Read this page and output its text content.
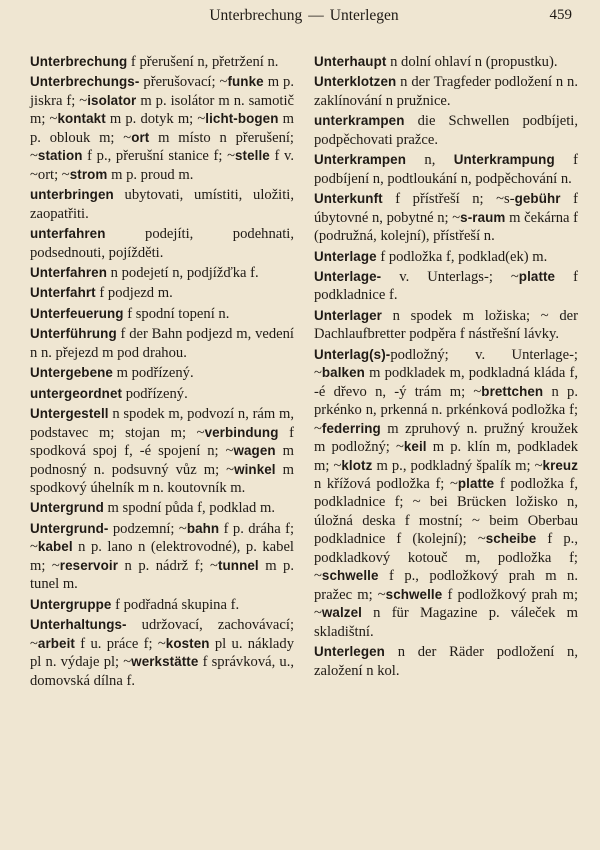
Unterbrechung — Unterlegen	459
Unterbrechung f přerušení n, přetržení n.
Unterbrechungs- přerušovací; ~funke m p. jiskra f; ~isolator m p. isolátor m n. samotič m; ~kontakt m p. dotyk m; ~licht-bogen m p. oblouk m; ~ort m místo n přerušení; ~station f p., přerušní stanice f; ~stelle f v. ~ort; ~strom m p. proud m.
unterbringen ubytovati, umístiti, uložiti, zaopatřiti.
unterfahren podejíti, podehnati, podsednouti, pojížděti.
Unterfahren n podejetí n, podjížďka f.
Unterfahrt f podjezd m.
Unterfeuerung f spodní topení n.
Unterführung f der Bahn podjezd m, vedení n n. přejezd m pod drahou.
Untergebene m podřízený.
untergeordnet podřízený.
Untergestell n spodek m, podvozí n, rám m, podstavec m; stojan m; ~verbindung f spodková spoj f, -é spojení n; ~wagen m podnosný n. podsuvný vůz m; ~winkel m spodkový úhelník m n. koutovník m.
Untergrund m spodní půda f, podklad m.
Untergrund- podzemní; ~bahn f p. dráha f; ~kabel n p. lano n (elektrovodné), p. kabel m; ~reservoir n p. nádrž f; ~tunnel m p. tunel m.
Untergruppe f podřadná skupina f.
Unterhaltungs- udržovací, zachovávací; ~arbeit f u. práce f; ~kosten pl u. náklady pl n. výdaje pl; ~werkstätte f správková, u., domovská dílna f.
Unterhaupt n dolní ohlaví n (propustku).
Unterklotzen n der Tragfeder podložení n n. zaklínování n pružnice.
unterkrampen die Schwellen podbíjeti, podpěchovati pražce.
Unterkrampen n, Unterkrampung f podbíjení n, podtloukání n, podpěchování n.
Unterkunft f přístřeší n; ~s-gebühr f úbytovné n, pobytné n; ~s-raum m čekárna f (podružná, kolejní), přístřeší n.
Unterlage f podložka f, podklad(ek) m.
Unterlage- v. Unterlags-; ~platte f podkladnice f.
Unterlager n spodek m ložiska; ~ der Dachlaufbretter podpěra f nástřešní lávky.
Unterlag(s)-podložný; v. Unterlage-; ~balken m podkladek m, podkladná kláda f, -é dřevo n, -ý trám m; ~brettchen n p. prkénko n, prkenná n. prkénková podložka f; ~federring m zpruhový n. pružný kroužek m podložný; ~keil m p. klín m, podkladek m; ~klotz m p., podkladný špalík m; ~kreuz n křížová podložka f; ~platte f podložka f, podkladnice f; ~ bei Brücken ložisko n, úložná deska f mostní; ~ beim Oberbau podkladnice f (kolejní); ~scheibe f p., podkladkový kotouč m, podložka f; ~schwelle f p., podložkový prah m n. pražec m; ~schwelle f podložkový prah m; ~walzel n für Magazine p. váleček m skladištní.
Unterlegen n der Räder podložení n, založení n kol.
